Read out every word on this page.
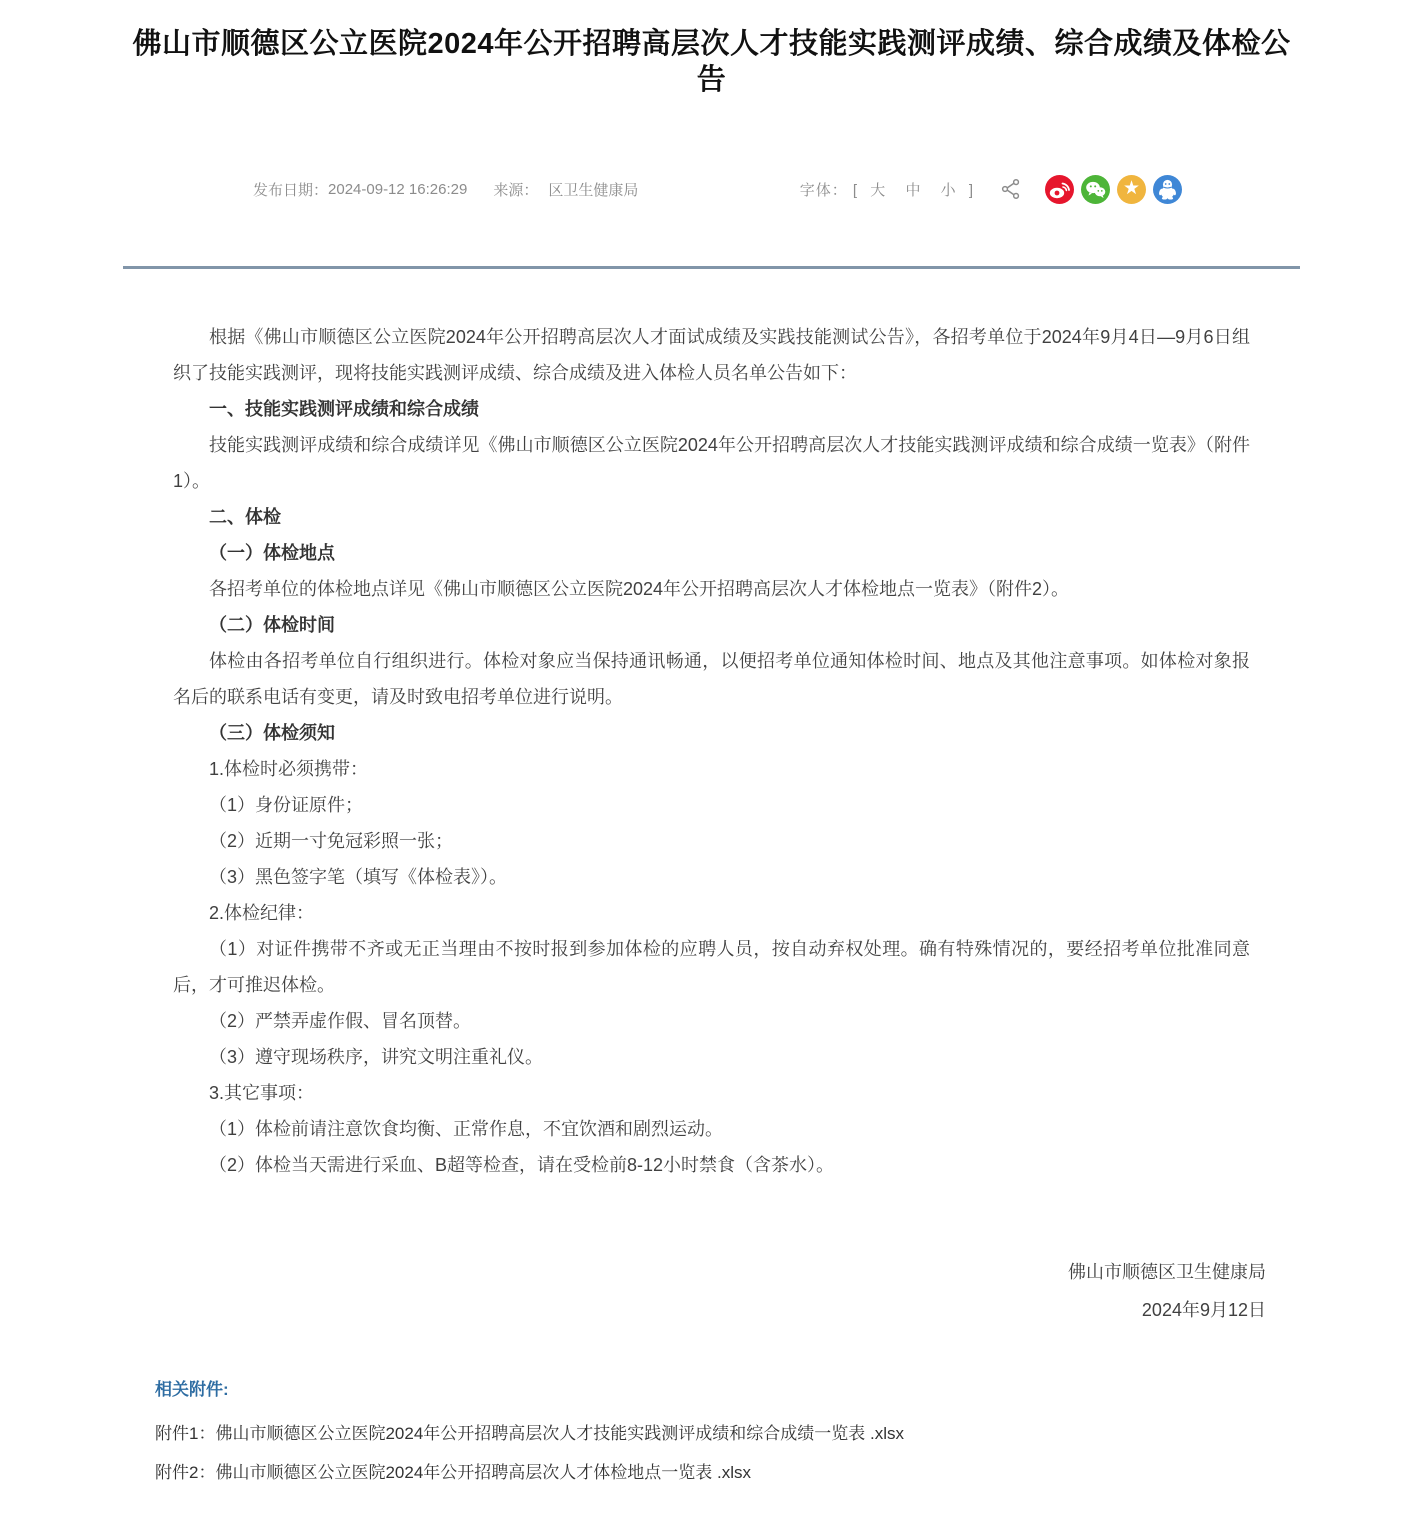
佛山市顺德区公立医院2024年公开招聘高层次人才技能实践测评成绩、综合成绩及体检公告
发布日期： 2024-09-12 16:26:29 来源： 区卫生健康局	字体： [ 大 中 小 ]	★

根据《佛山市顺德区公立医院2024年公开招聘高层次人才面试成绩及实践技能测试公告》，各招考单位于2024年9月4日—9月6日组织了技能实践测评，现将技能实践测评成绩、综合成绩及进入体检人员名单公告如下：

一、技能实践测评成绩和综合成绩

技能实践测评成绩和综合成绩详见《佛山市顺德区公立医院2024年公开招聘高层次人才技能实践测评成绩和综合成绩一览表》（附件1）。

二、体检
（一）体检地点

各招考单位的体检地点详见《佛山市顺德区公立医院2024年公开招聘高层次人才体检地点一览表》（附件2）。

（二）体检时间

体检由各招考单位自行组织进行。体检对象应当保持通讯畅通，以便招考单位通知体检时间、地点及其他注意事项。如体检对象报名后的联系电话有变更，请及时致电招考单位进行说明。

（三）体检须知

1.体检时必须携带：

（1）身份证原件；

（2）近期一寸免冠彩照一张；

（3）黑色签字笔（填写《体检表》）。

2.体检纪律：

（1）对证件携带不齐或无正当理由不按时报到参加体检的应聘人员，按自动弃权处理。确有特殊情况的，要经招考单位批准同意后，才可推迟体检。

（2）严禁弄虚作假、冒名顶替。

（3）遵守现场秩序，讲究文明注重礼仪。

3.其它事项：

（1）体检前请注意饮食均衡、正常作息，不宜饮酒和剧烈运动。

（2）体检当天需进行采血、B超等检查，请在受检前8-12小时禁食（含茶水）。

佛山市顺德区卫生健康局
2024年9月12日
相关附件:
附件1：佛山市顺德区公立医院2024年公开招聘高层次人才技能实践测评成绩和综合成绩一览表 .xlsx
附件2：佛山市顺德区公立医院2024年公开招聘高层次人才体检地点一览表 .xlsx
